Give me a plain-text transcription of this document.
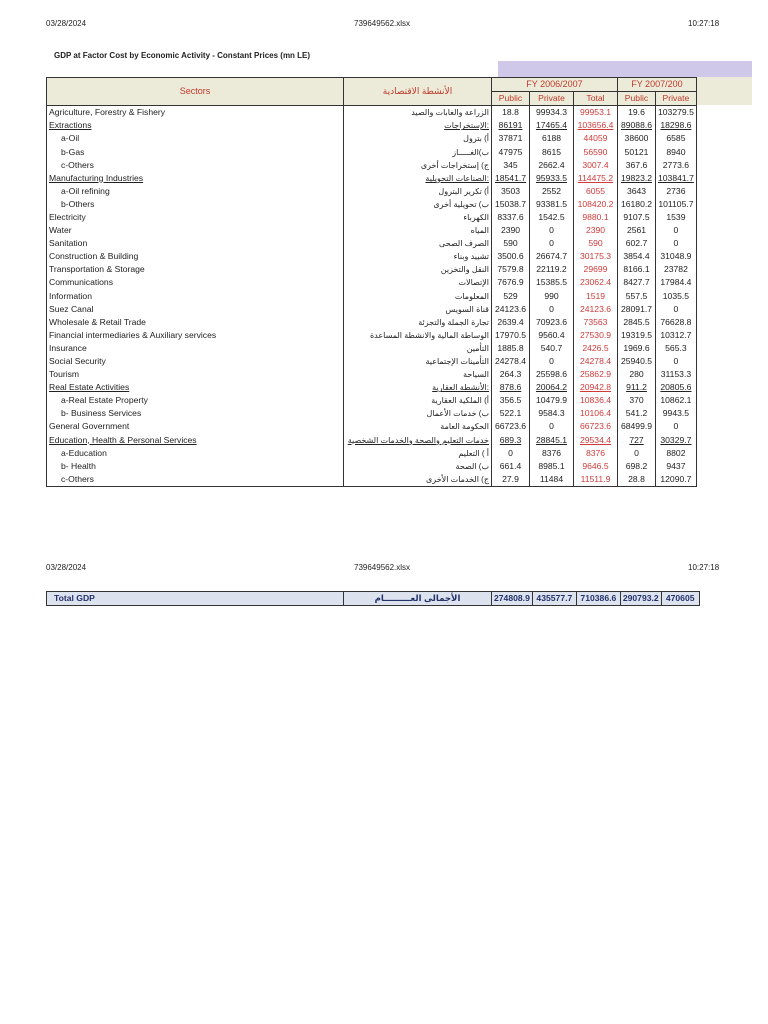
03/28/2024	739649562.xlsx	10:27:18
GDP at Factor Cost by Economic Activity - Constant Prices (mn LE)
Sectors	الأنشطة الاقتصادية	FY 2006/2007			FY 2007/200	
		Public	Private	Total	Public	Private
Agriculture, Forestry & Fishery	الزراعة والغابات والصيد	18.8	99934.3	99953.1	19.6	103279.5
Extractions	:الإستخراجات	86191	17465.4	103656.4	89088.6	18298.6
a-Oil	أ) بترول	37871	6188	44059	38600	6585
b-Gas	ب)الغـــــاز	47975	8615	56590	50121	8940
c-Others	ج) إستخراجات أخرى	345	2662.4	3007.4	367.6	2773.6
Manufacturing Industries	:الصناعات التحويلية	18541.7	95933.5	114475.2	19823.2	103841.7
a-Oil refining	أ) تكرير البترول	3503	2552	6055	3643	2736
b-Others	ب) تحويلية أخرى	15038.7	93381.5	108420.2	16180.2	101105.7
Electricity	الكهرباء	8337.6	1542.5	9880.1	9107.5	1539
Water	المياه	2390	0	2390	2561	0
Sanitation	الصرف الصحى	590	0	590	602.7	0
Construction & Building	تشييد وبناء	3500.6	26674.7	30175.3	3854.4	31048.9
Transportation & Storage	النقل والتخزين	7579.8	22119.2	29699	8166.1	23782
Communications	الإتصالات	7676.9	15385.5	23062.4	8427.7	17984.4
Information	المعلومات	529	990	1519	557.5	1035.5
Suez Canal	قناة السويس	24123.6	0	24123.6	28091.7	0
Wholesale & Retail Trade	تجارة الجملة والتجزئة	2639.4	70923.6	73563	2845.5	76628.8
Financial intermediaries & Auxiliary services	الوساطة المالية والانشطة المساعدة	17970.5	9560.4	27530.9	19319.5	10312.7
Insurance	التأمين	1885.8	540.7	2426.5	1969.6	565.3
Social Security	التأمينات الإجتماعية	24278.4	0	24278.4	25940.5	0
Tourism	السياحة	264.3	25598.6	25862.9	280	31153.3
Real Estate Activities	:الأنشطة العقارية	878.6	20064.2	20942.8	911.2	20805.6
a-Real Estate Property	أ) الملكية العقارية	356.5	10479.9	10836.4	370	10862.1
b- Business Services	ب) خدمات الأعمال	522.1	9584.3	10106.4	541.2	9943.5
General Government	الحكومة العامة	66723.6	0	66723.6	68499.9	0
Education, Health & Personal Services	خدمات التعليم والصحة والخدمات الشخصية	689.3	28845.1	29534.4	727	30329.7
a-Education	أ ) التعليم	0	8376	8376	0	8802
b- Health	ب) الصحة	661.4	8985.1	9646.5	698.2	9437
c-Others	ج) الخدمات الأخرى	27.9	11484	11511.9	28.8	12090.7
03/28/2024	739649562.xlsx	10:27:18
Total GDP	الأجمالى العـــــــــام	274808.9	435577.7	710386.6	290793.2	470605
